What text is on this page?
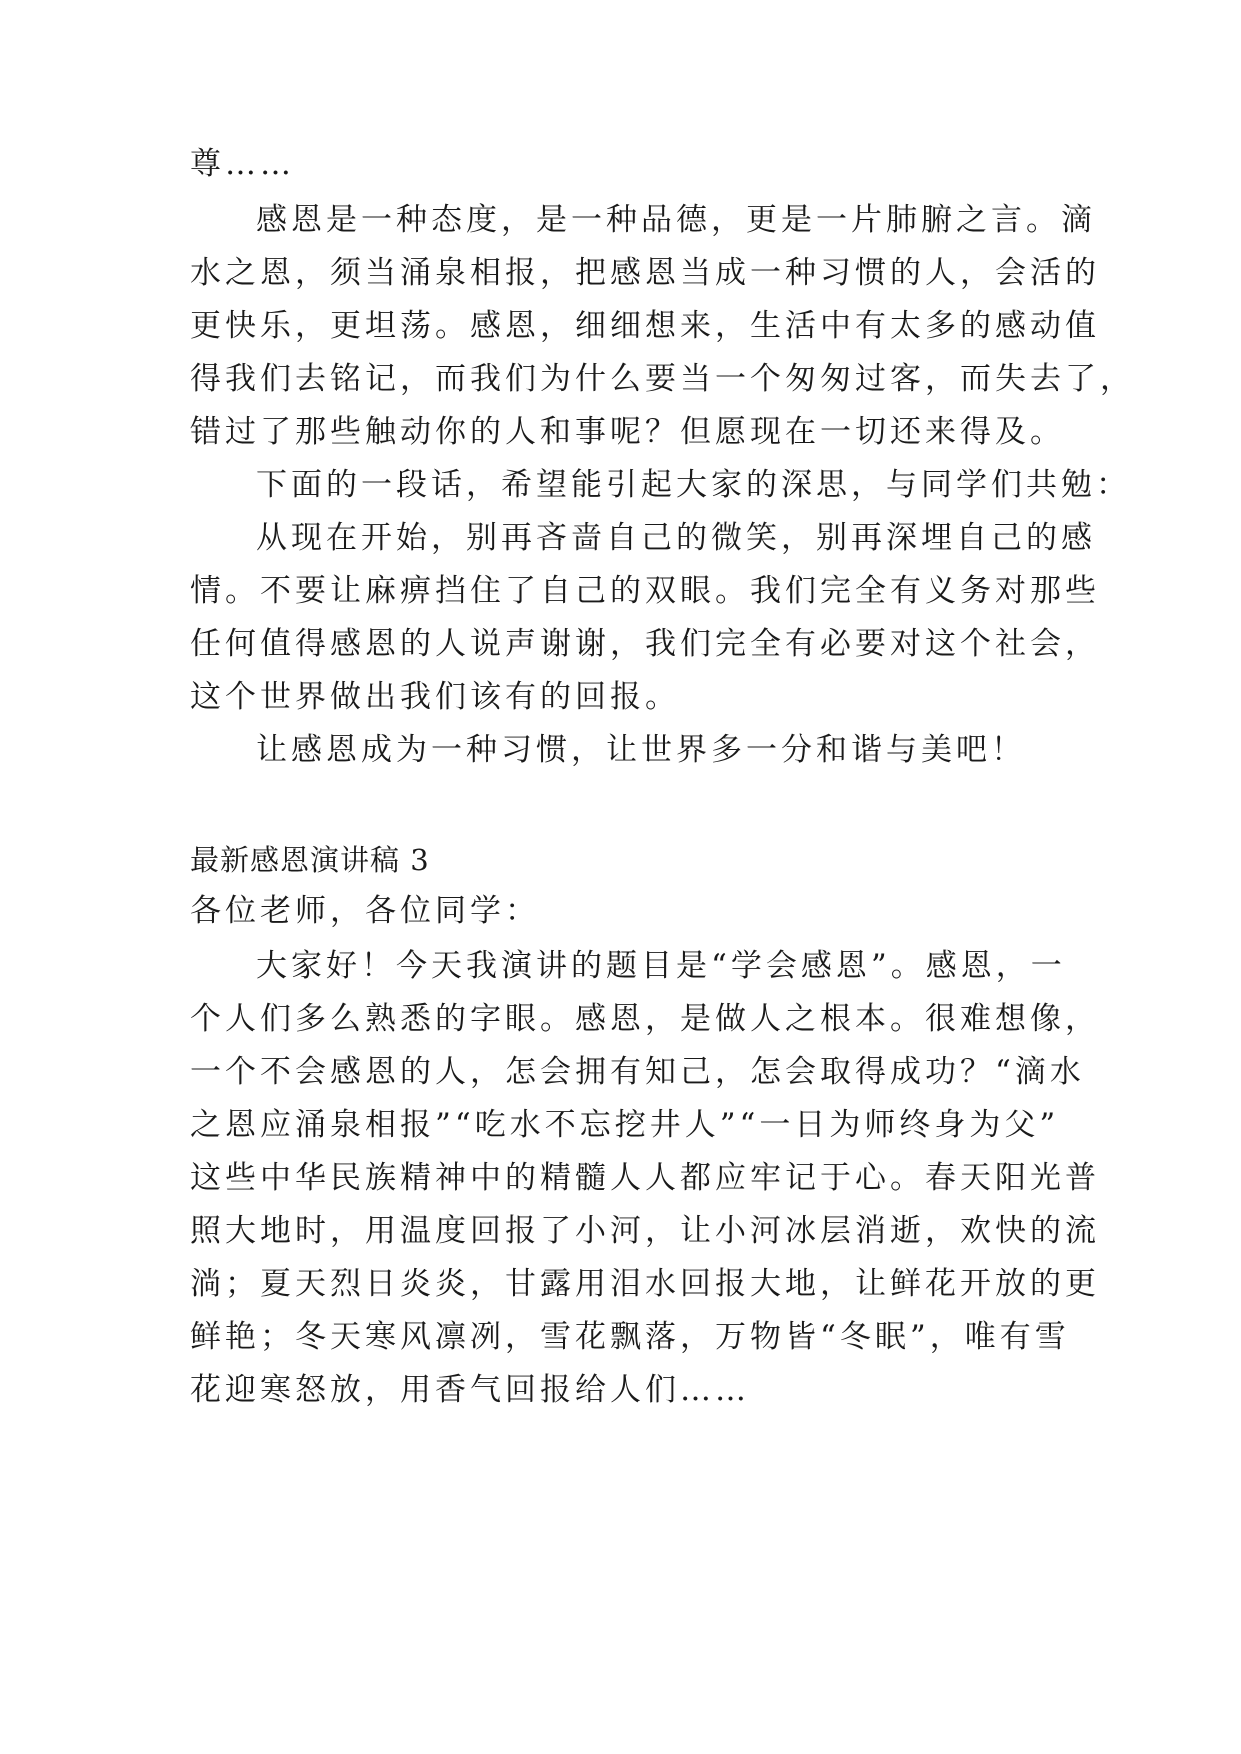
尊……
感恩是一种态度，是一种品德，更是一片肺腑之言。滴
水之恩，须当涌泉相报，把感恩当成一种习惯的人，会活的
更快乐，更坦荡。感恩，细细想来，生活中有太多的感动值
得我们去铭记，而我们为什么要当一个匆匆过客，而失去了，
错过了那些触动你的人和事呢？但愿现在一切还来得及。
下面的一段话，希望能引起大家的深思，与同学们共勉：
从现在开始，别再吝啬自己的微笑，别再深埋自己的感
情。不要让麻痹挡住了自己的双眼。我们完全有义务对那些
任何值得感恩的人说声谢谢，我们完全有必要对这个社会，
这个世界做出我们该有的回报。
让感恩成为一种习惯，让世界多一分和谐与美吧！
最新感恩演讲稿 3
各位老师，各位同学：
大家好！今天我演讲的题目是“学会感恩”。感恩，一
个人们多么熟悉的字眼。感恩，是做人之根本。很难想像，
一个不会感恩的人，怎会拥有知己，怎会取得成功？“滴水
之恩应涌泉相报”“吃水不忘挖井人”“一日为师终身为父”
这些中华民族精神中的精髓人人都应牢记于心。春天阳光普
照大地时，用温度回报了小河，让小河冰层消逝，欢快的流
淌；夏天烈日炎炎，甘露用泪水回报大地，让鲜花开放的更
鲜艳；冬天寒风凛冽，雪花飘落，万物皆“冬眠”，唯有雪
花迎寒怒放，用香气回报给人们……
